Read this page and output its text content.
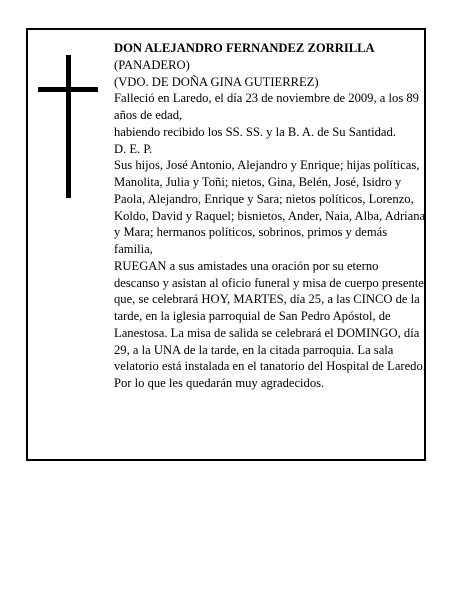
DON ALEJANDRO FERNANDEZ ZORRILLA

(PANADERO)

(VDO. DE DOÑA GINA GUTIERREZ)

Falleció en Laredo, el día 23 de noviembre de 2009, a los 89 años de edad,

habiendo recibido los SS. SS. y la B. A. de Su Santidad.

D. E. P.

Sus hijos, José Antonio, Alejandro y Enrique; hijas políticas, Manolita, Julia y Toñi; nietos, Gina, Belén, José, Isidro y Paola, Alejandro, Enrique y Sara; nietos políticos, Lorenzo, Koldo, David y Raquel; bisnietos, Ander, Naia, Alba, Adriana y Mara; hermanos políticos, sobrinos, primos y demás familia,

RUEGAN a sus amistades una oración por su eterno descanso y asistan al oficio funeral y misa de cuerpo presente que, se celebrará HOY, MARTES, día 25, a las CINCO de la tarde, en la iglesia parroquial de San Pedro Apóstol, de Lanestosa. La misa de salida se celebrará el DOMINGO, día 29, a la UNA de la tarde, en la citada parroquia. La sala velatorio está instalada en el tanatorio del Hospital de Laredo. Por lo que les quedarán muy agradecidos.
